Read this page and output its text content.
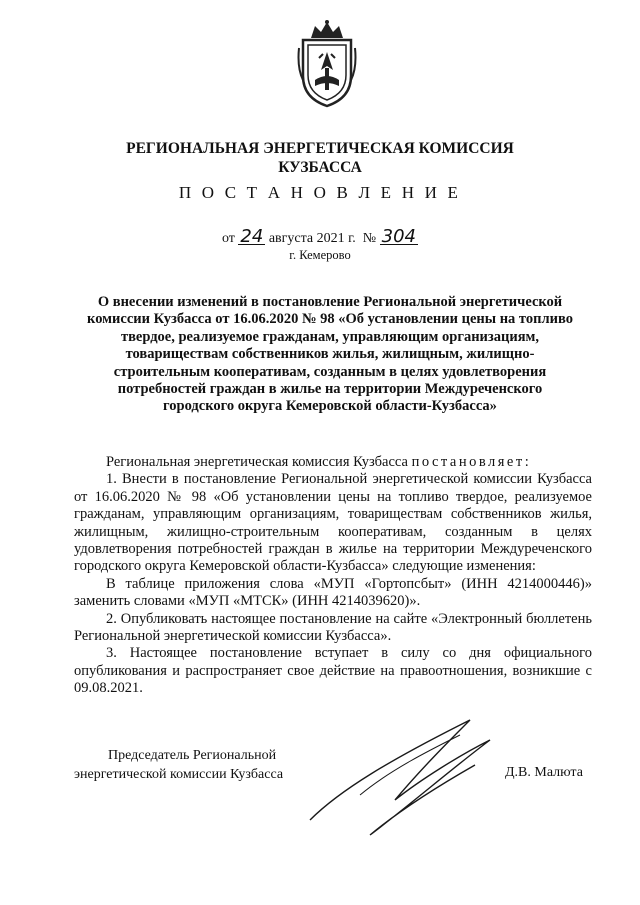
РЕГИОНАЛЬНАЯ ЭНЕРГЕТИЧЕСКАЯ КОМИССИЯ
КУЗБАССА
П О С Т А Н О В Л Е Н И Е
от 24 августа 2021 г. № 304
г. Кемерово
О внесении изменений в постановление Региональной энергетической
комиссии Кузбасса от 16.06.2020 № 98 «Об установлении цены на топливо
твердое, реализуемое гражданам, управляющим организациям,
товариществам собственников жилья, жилищным, жилищно-
строительным кооперативам, созданным в целях удовлетворения
потребностей граждан в жилье на территории Междуреченского
городского округа Кемеровской области-Кузбасса»

Региональная энергетическая комиссия Кузбасса постановляет:

1. Внести в постановление Региональной энергетической комиссии Кузбасса от 16.06.2020 № 98 «Об установлении цены на топливо твердое, реализуемое гражданам, управляющим организациям, товариществам собственников жилья, жилищным, жилищно-строительным кооперативам, созданным в целях удовлетворения потребностей граждан в жилье на территории Междуреченского городского округа Кемеровской области-Кузбасса» следующие изменения:

В таблице приложения слова «МУП «Гортопсбыт» (ИНН 4214000446)» заменить словами «МУП «МТСК» (ИНН 4214039620)».

2. Опубликовать настоящее постановление на сайте «Электронный бюллетень Региональной энергетической комиссии Кузбасса».

3. Настоящее постановление вступает в силу со дня официального опубликования и распространяет свое действие на правоотношения, возникшие с 09.08.2021.

Председатель Региональной
энергетической комиссии Кузбасса	Д.В. Малюта
